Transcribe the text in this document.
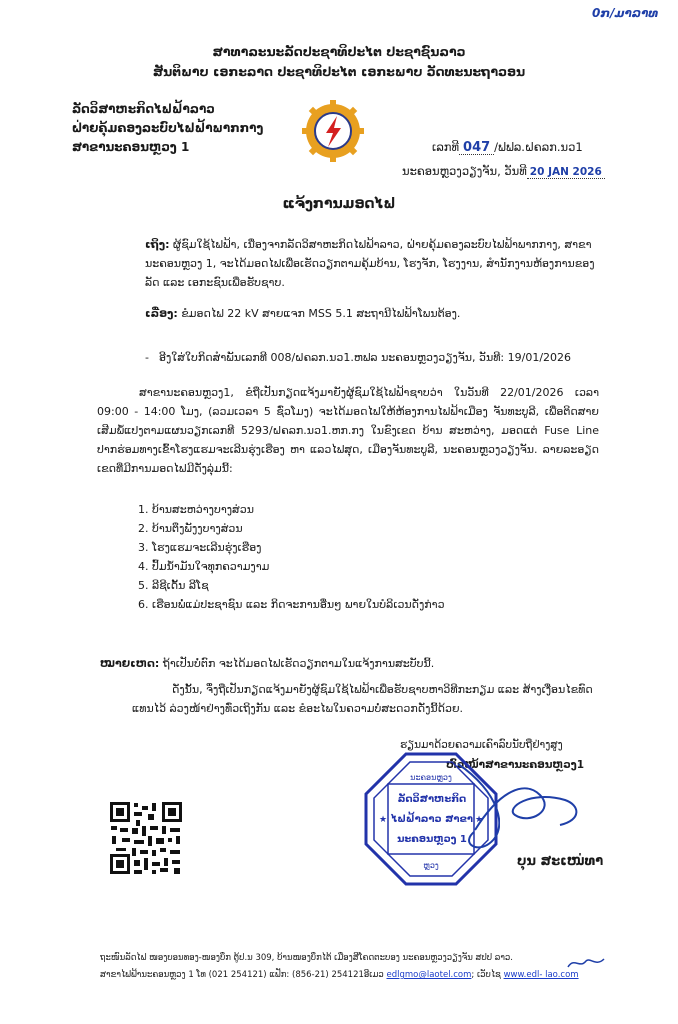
0ກ/ມາລາທ
ສາທາລະນະລັດປະຊາທິປະໄຕ ປະຊາຊົນລາວ
ສັນຕິພາບ ເອກະລາດ ປະຊາທິປະໄຕ ເອກະພາບ ວັດທະນະຖາວອນ
ລັດວິສາຫະກິດໄຟຟ້າລາວ
ຝ່າຍຄຸ້ມຄອງລະບົບໄຟຟ້າພາກກາງ
ສາຂານະຄອນຫຼວງ 1	ເລກທີ 047 /ຟຟລ.ຝຄລກ.ນວ1
ນະຄອນຫຼວງວຽງຈັນ, ວັນທີ 20 JAN 2026
ແຈ້ງການມອດໄຟ
ເຖິງ: ຜູ້ຊົມໃຊ້ໄຟຟ້າ, ເນື່ອງຈາກລັດວິສາຫະກິດໄຟຟ້າລາວ, ຝ່າຍຄຸ້ມຄອງລະບົບໄຟຟ້າພາກກາງ, ສາຂານະຄອນຫຼວງ 1, ຈະໄດ້ມອດໄຟເພື່ອເຮັດວຽກຕາມຄຸ້ມບ້ານ, ໂຮງຈັກ, ໂຮງງານ, ສຳນັກງານຫ້ອງການຂອງລັດ ແລະ ເອກະຊົນເພື່ອຮັບຊາບ.
ເລື່ອງ: ຂໍມອດໄຟ 22 kV ສາຍແຈກ MSS 5.1 ສະຖານີໄຟຟ້າໂພນຕ້ອງ.
- ອີງໃສ່ໃບກິດສຳພັນເລກທີ 008/ຝຄລກ.ນວ1.ຫຟລ ນະຄອນຫຼວງວຽງຈັນ, ວັນທີ: 19/01/2026
ສາຂານະຄອນຫຼວງ1, ຂໍຖືເປັນກຽດແຈ້ງມາຍັງຜູ້ຊົມໃຊ້ໄຟຟ້າຊາບວ່າ ໃນວັນທີ 22/01/2026 ເວລາ 09:00 - 14:00 ໂມງ, (ລວມເວລາ 5 ຊົ່ວໂມງ) ຈະໄດ້ມອດໄຟໃຫ້ຫ້ອງການໄຟຟ້າເມືອງ ຈັນທະບູລີ, ເພື່ອຕິດສາຍເສີມພໍ້ແປງຕາມແຜນວຽກເລກທີ 5293/ຝຄລກ.ນວ1.ຫກ.ກງ ໃນຂົງເຂດ ບ້ານ ສະຫວ່າງ, ມອດແຕ່ Fuse Line ປາກຮ່ອມທາງເຂົ້າໂຮງແຮມຈະເລີນຮຸ່ງເຮືອງ ຫາ ແລວໄຟສຸດ, ເມືອງຈັນທະບູລີ, ນະຄອນຫຼວງວຽງຈັນ. ລາຍລະອຽດເຂດທີ່ມີການມອດໄຟມີດັ່ງລຸ່ມນີ້:
1. ບ້ານສະຫວ່າງບາງສ່ວນ
2. ບ້ານຕຶງພັງງບາງສ່ວນ
3. ໂຮງແຮມຈະເລີນຮຸ່ງເຮືອງ
4. ປົ້ມນ້ຳມັນໃຈທຸກຄວາມງາມ
5. ລີຊີເດັ້ນ ລີໂຊ
6. ເຮືອນພໍ່ແມ່ປະຊາຊົນ ແລະ ກິດຈະການອື່ນໆ ພາຍໃນບໍລິເວນດັ່ງກ່າວ
ໝາຍເຫດ: ຖ້າເປັນບໍ່ຕົກ ຈະໄດ້ມອດໄຟເຮັດວຽກຕາມໃນແຈ້ງການສະບັບນີ້.
ດັ່ງນັ້ນ, ຈຶ່ງຖືເປັນກຽດແຈ້ງມາຍັງຜູ້ຊົມໃຊ້ໄຟຟ້າເພື່ອຮັບຊາບຫາວິທີກະກຽມ ແລະ ສ້າງເງື່ອນໄຂທົດແທນໄວ້ ລ່ວງໜ້າຢ່າງທົ່ວເຖິງກັນ ແລະ ຂໍອະໄພໃນຄວາມບໍ່ສະດວກດັ່ງນີ້ດ້ວຍ.
ຮຽນມາດ້ວຍຄວາມເຄົາລົບນັບຖືຢ່າງສູງ
ຫົວໜ້າສາຂານະຄອນຫຼວງ1
ນະຄອນຫຼວງ
ຫຼວງ
★	★
ລັດວິສາຫະກິດ
ໄຟຟ້າລາວ ສາຂາ
ນະຄອນຫຼວງ 1
ບຸນ ສະເໜ່ທາ
ຖະໜົນລັດໄຟ ໜອງບອນທອງ-ໜອງບຶກ ຕູ້ປ.ນ 309, ບ້ານໜອງບຶກໄຕ້ ເມືອງສີໂຄດຕະບອງ ນະຄອນຫຼວງວຽງຈັນ ສປປ ລາວ.
ສາຂາໄຟຟ້ານະຄອນຫຼວງ 1 ໂທ (021 254121) ແຟັກ: (856-21) 254121ອີເມວ edlgmo@laotel.com; ເວັບໄຊ www.edl- lao.com
